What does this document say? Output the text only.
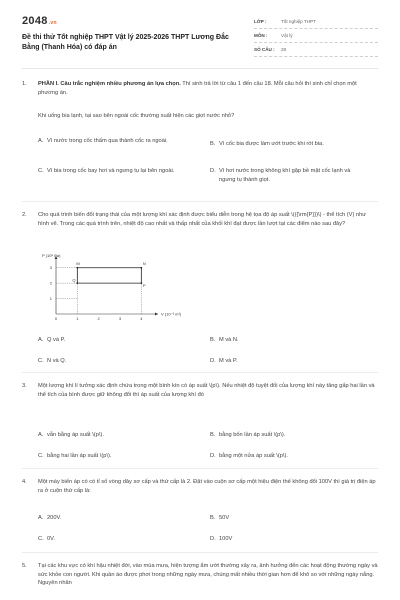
2048.vn
Đề thi thử Tốt nghiệp THPT Vật lý 2025-2026 THPT Lương Đắc Bằng (Thanh Hóa) có đáp án
LỚP :	Tốt nghiệp THPT
MÔN :	Vật lý
SỐ CÂU :	28
1.	PHẦN I. Câu trắc nghiệm nhiều phương án lựa chọn. Thí sinh trả lời từ câu 1 đến câu 18. Mỗi câu hỏi thí sinh chỉ chọn một phương án.
Khi uống bia lạnh, tại sao bên ngoài cốc thường xuất hiện các giọt nước nhỏ?
A. Vì nước trong cốc thấm qua thành cốc ra ngoài.	B. Vì cốc bia được làm ướt trước khi rót bia.
C. Vì bia trong cốc bay hơi và ngưng tụ lại bên ngoài.	D. Vì hơi nước trong không khí gặp bề mặt cốc lạnh và ngưng tụ thành giọt.
2.	Cho quá trình biến đổi trạng thái của một lượng khí xác định được biểu diễn trong hệ tọa độ áp suất \(({\rm{P}})\) - thể tích (V) như hình vẽ. Trong các quá trình trên, nhiệt độ cao nhất và thấp nhất của khối khí đạt được lần lượt tại các điểm nào sau đây?
P (10⁵ Pa)
V (10⁻³ m³)
3
2
1
0	1	2	3	4
M	N
P
Q
A. Q và P.	B. M và N.
C. N và Q.	D. M và P.
3.	Một lượng khí lí tưởng xác định chứa trong một bình kín có áp suất \(p\). Nếu nhiệt độ tuyệt đối của lượng khí này tăng gấp hai lần và thể tích của bình được giữ không đổi thì áp suất của lượng khí đó
A. vẫn bằng áp suất \(p\).	B. bằng bốn lần áp suất \(p\).
C. bằng hai lần áp suất \(p\).	D. bằng một nửa áp suất \(p\).
4.	Một máy biến áp có có tỉ số vòng dây sơ cấp và thứ cấp là 2. Đặt vào cuộn sơ cấp một hiệu điện thế không đổi 100V thì giá trị điện áp ra ở cuộn thứ cấp là:
A. 200V.	B. 50V
C. 0V.	D. 100V
5.	Tại các khu vực có khí hậu nhiệt đới, vào mùa mưa, hiện tượng ẩm ướt thường xảy ra, ảnh hưởng đến các hoạt động thường ngày và sức khỏe con người. Khi quần áo được phơi trong những ngày mưa, chúng mất nhiều thời gian hơn để khô so với những ngày nắng. Nguyên nhân
